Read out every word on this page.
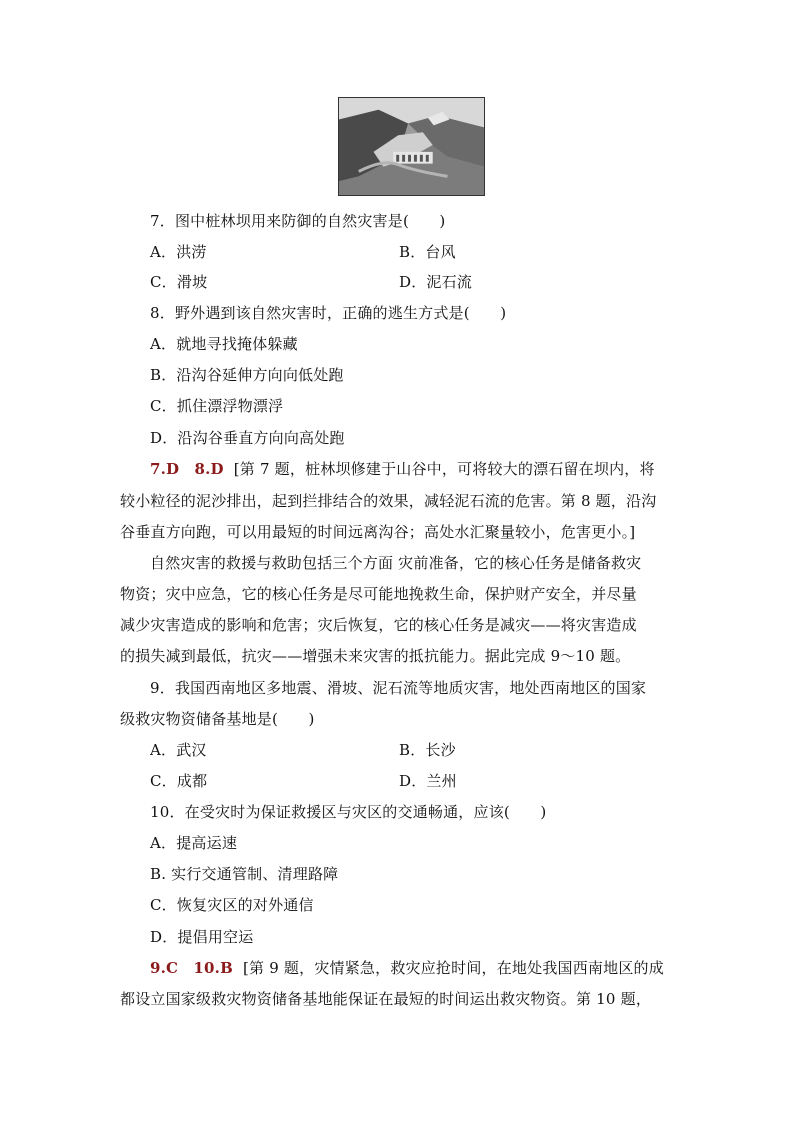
7．图中桩林坝用来防御的自然灾害是(　　)
A．洪涝	B．台风
C．滑坡	D．泥石流
8．野外遇到该自然灾害时，正确的逃生方式是(　　)
A．就地寻找掩体躲藏
B．沿沟谷延伸方向向低处跑
C．抓住漂浮物漂浮
D．沿沟谷垂直方向向高处跑
7.D　8.D [第 7 题，桩林坝修建于山谷中，可将较大的漂石留在坝内，将
较小粒径的泥沙排出，起到拦排结合的效果，减轻泥石流的危害。第 8 题，沿沟
谷垂直方向跑，可以用最短的时间远离沟谷；高处水汇聚量较小，危害更小。]
自然灾害的救援与救助包括三个方面 灾前准备，它的核心任务是储备救灾
物资；灾中应急，它的核心任务是尽可能地挽救生命，保护财产安全，并尽量
减少灾害造成的影响和危害；灾后恢复，它的核心任务是减灾——将灾害造成
的损失减到最低，抗灾——增强未来灾害的抵抗能力。据此完成 9～10 题。
9．我国西南地区多地震、滑坡、泥石流等地质灾害，地处西南地区的国家
级救灾物资储备基地是(　　)
A．武汉	B．长沙
C．成都	D．兰州
10．在受灾时为保证救援区与灾区的交通畅通，应该(　　)
A．提高运速
B. 实行交通管制、清理路障
C．恢复灾区的对外通信
D．提倡用空运
9.C　10.B [第 9 题，灾情紧急，救灾应抢时间，在地处我国西南地区的成
都设立国家级救灾物资储备基地能保证在最短的时间运出救灾物资。第 10 题，
